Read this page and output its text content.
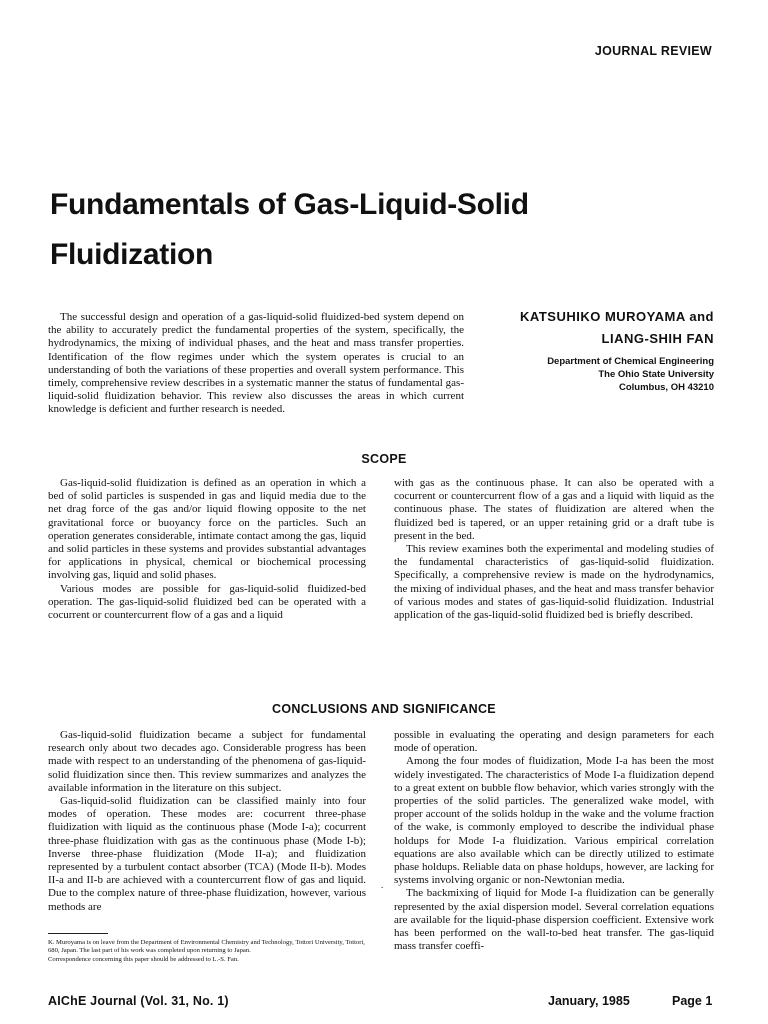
JOURNAL REVIEW
Fundamentals of Gas-Liquid-Solid
Fluidization

The successful design and operation of a gas-liquid-solid fluidized-bed system depend on the ability to accurately predict the fundamental properties of the system, specifically, the hydrodynamics, the mixing of individual phases, and the heat and mass transfer properties. Identification of the flow regimes under which the system operates is crucial to an understanding of both the variations of these properties and overall system performance. This timely, comprehensive review describes in a systematic manner the status of fundamental gas-liquid-solid fluidization behavior. This review also discusses the areas in which current knowledge is deficient and further research is needed.

KATSUHIKO MUROYAMA and
LIANG-SHIH FAN
Department of Chemical Engineering
The Ohio State University
Columbus, OH 43210
SCOPE

Gas-liquid-solid fluidization is defined as an operation in which a bed of solid particles is suspended in gas and liquid media due to the net drag force of the gas and/or liquid flowing opposite to the net gravitational force or buoyancy force on the particles. Such an operation generates considerable, intimate contact among the gas, liquid and solid particles in these systems and provides substantial advantages for applications in physical, chemical or biochemical processing involving gas, liquid and solid phases.

Various modes are possible for gas-liquid-solid fluidized-bed operation. The gas-liquid-solid fluidized bed can be operated with a cocurrent or countercurrent flow of a gas and a liquid

with gas as the continuous phase. It can also be operated with a cocurrent or countercurrent flow of a gas and a liquid with liquid as the continuous phase. The states of fluidization are altered when the fluidized bed is tapered, or an upper retaining grid or a draft tube is present in the bed.

This review examines both the experimental and modeling studies of the fundamental characteristics of gas-liquid-solid fluidization. Specifically, a comprehensive review is made on the hydrodynamics, the mixing of individual phases, and the heat and mass transfer behavior of various modes and states of gas-liquid-solid fluidization. Industrial application of the gas-liquid-solid fluidized bed is briefly described.

CONCLUSIONS AND SIGNIFICANCE

Gas-liquid-solid fluidization became a subject for fundamental research only about two decades ago. Considerable progress has been made with respect to an understanding of the phenomena of gas-liquid-solid fluidization since then. This review summarizes and analyzes the available information in the literature on this subject.

Gas-liquid-solid fluidization can be classified mainly into four modes of operation. These modes are: cocurrent three-phase fluidization with liquid as the continuous phase (Mode I-a); cocurrent three-phase fluidization with gas as the continuous phase (Mode I-b); Inverse three-phase fluidization (Mode II-a); and fluidization represented by a turbulent contact absorber (TCA) (Mode II-b). Modes II-a and II-b are achieved with a countercurrent flow of gas and liquid. Due to the complex nature of three-phase fluidization, however, various methods are

possible in evaluating the operating and design parameters for each mode of operation.

Among the four modes of fluidization, Mode I-a has been the most widely investigated. The characteristics of Mode I-a fluidization depend to a great extent on bubble flow behavior, which varies strongly with the properties of the solid particles. The generalized wake model, with proper account of the solids holdup in the wake and the volume fraction of the wake, is commonly employed to describe the individual phase holdups for Mode I-a fluidization. Various empirical correlation equations are also available which can be directly utilized to estimate phase holdups. Reliable data on phase holdups, however, are lacking for systems involving organic or non-Newtonian media.

The backmixing of liquid for Mode I-a fluidization can be generally represented by the axial dispersion model. Several correlation equations are available for the liquid-phase dispersion coefficient. Extensive work has been performed on the wall-to-bed heat transfer. The gas-liquid mass transfer coeffi-

.

K. Muroyama is on leave from the Department of Environmental Chemistry and Technology, Tottori University, Tottori, 680, Japan. The last part of his work was completed upon returning to Japan.

Correspondence concerning this paper should be addressed to L.-S. Fan.

AIChE Journal (Vol. 31, No. 1)	January, 1985	Page 1
